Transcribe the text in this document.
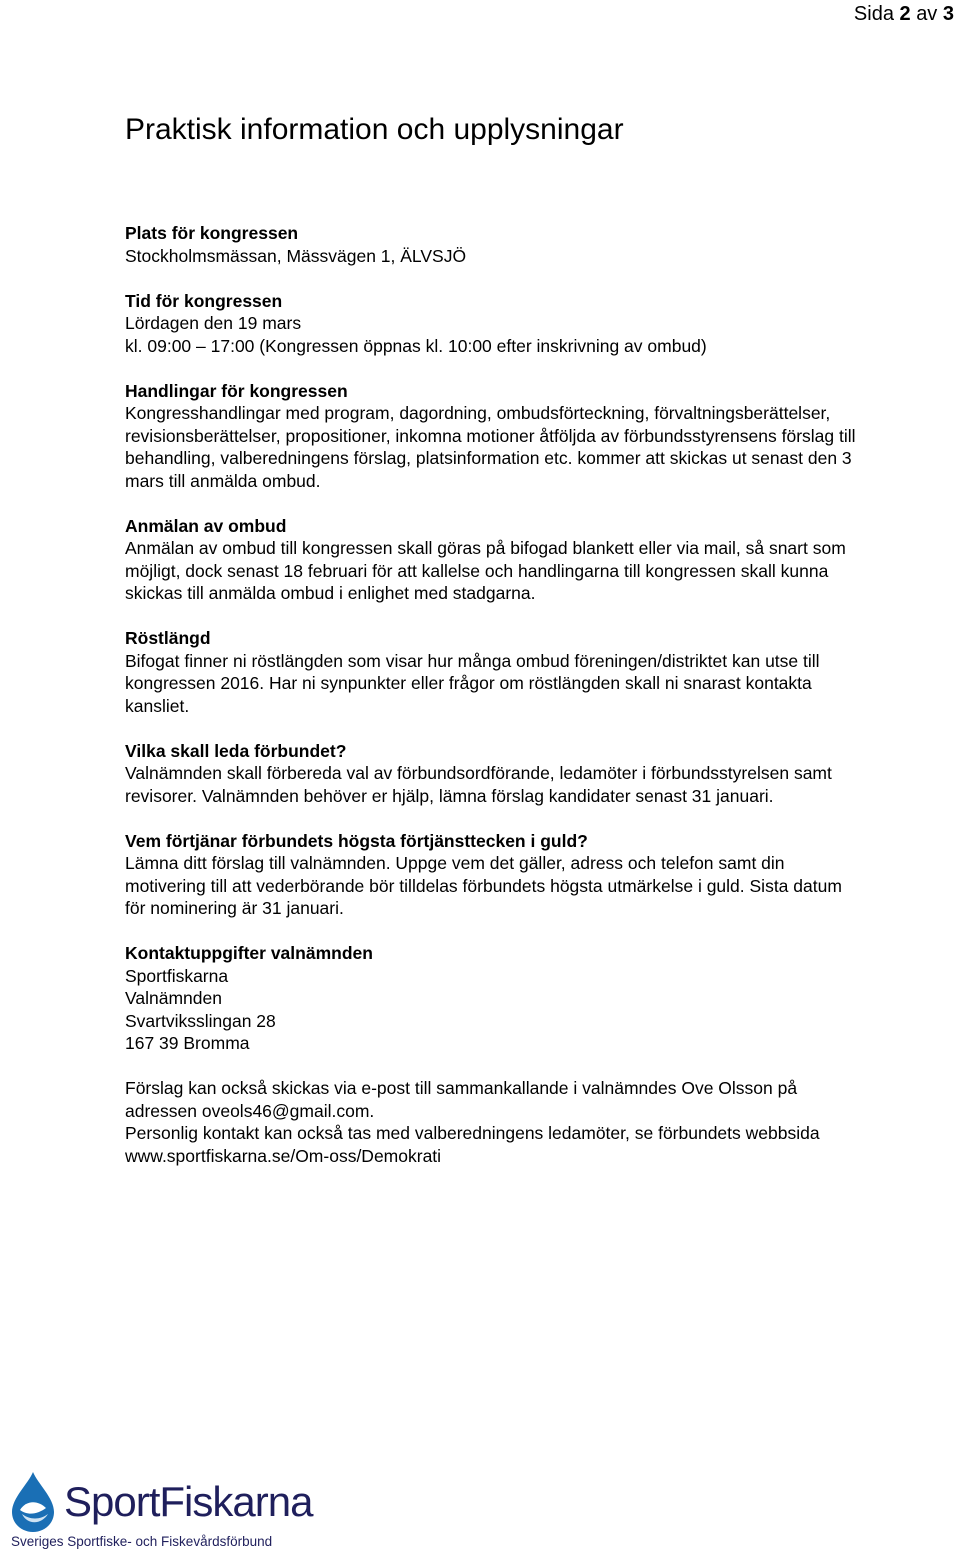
Sida 2 av 3
Praktisk information och upplysningar
Plats för kongressen

Stockholmsmässan, Mässvägen 1, ÄLVSJÖ

Tid för kongressen

Lördagen den 19 mars
kl. 09:00 – 17:00 (Kongressen öppnas kl. 10:00 efter inskrivning av ombud)

Handlingar för kongressen

Kongresshandlingar med program, dagordning, ombudsförteckning, förvaltningsberättelser,
revisionsberättelser, propositioner, inkomna motioner åtföljda av förbundsstyrensens förslag till
behandling, valberedningens förslag, platsinformation etc. kommer att skickas ut senast den 3
mars till anmälda ombud.

Anmälan av ombud

Anmälan av ombud till kongressen skall göras på bifogad blankett eller via mail, så snart som
möjligt, dock senast 18 februari för att kallelse och handlingarna till kongressen skall kunna
skickas till anmälda ombud i enlighet med stadgarna.

Röstlängd

Bifogat finner ni röstlängden som visar hur många ombud föreningen/distriktet kan utse till
kongressen 2016. Har ni synpunkter eller frågor om röstlängden skall ni snarast kontakta
kansliet.

Vilka skall leda förbundet?

Valnämnden skall förbereda val av förbundsordförande, ledamöter i förbundsstyrelsen samt
revisorer. Valnämnden behöver er hjälp, lämna förslag kandidater senast 31 januari.

Vem förtjänar förbundets högsta förtjänsttecken i guld?

Lämna ditt förslag till valnämnden. Uppge vem det gäller, adress och telefon samt din
motivering till att vederbörande bör tilldelas förbundets högsta utmärkelse i guld. Sista datum
för nominering är 31 januari.

Kontaktuppgifter valnämnden

Sportfiskarna
Valnämnden
Svartviksslingan 28
167 39 Bromma

Förslag kan också skickas via e-post till sammankallande i valnämndes Ove Olsson på
adressen oveols46@gmail.com.
Personlig kontakt kan också tas med valberedningens ledamöter, se förbundets webbsida
www.sportfiskarna.se/Om-oss/Demokrati

SportFiskarna
Sveriges Sportfiske- och Fiskevårdsförbund
